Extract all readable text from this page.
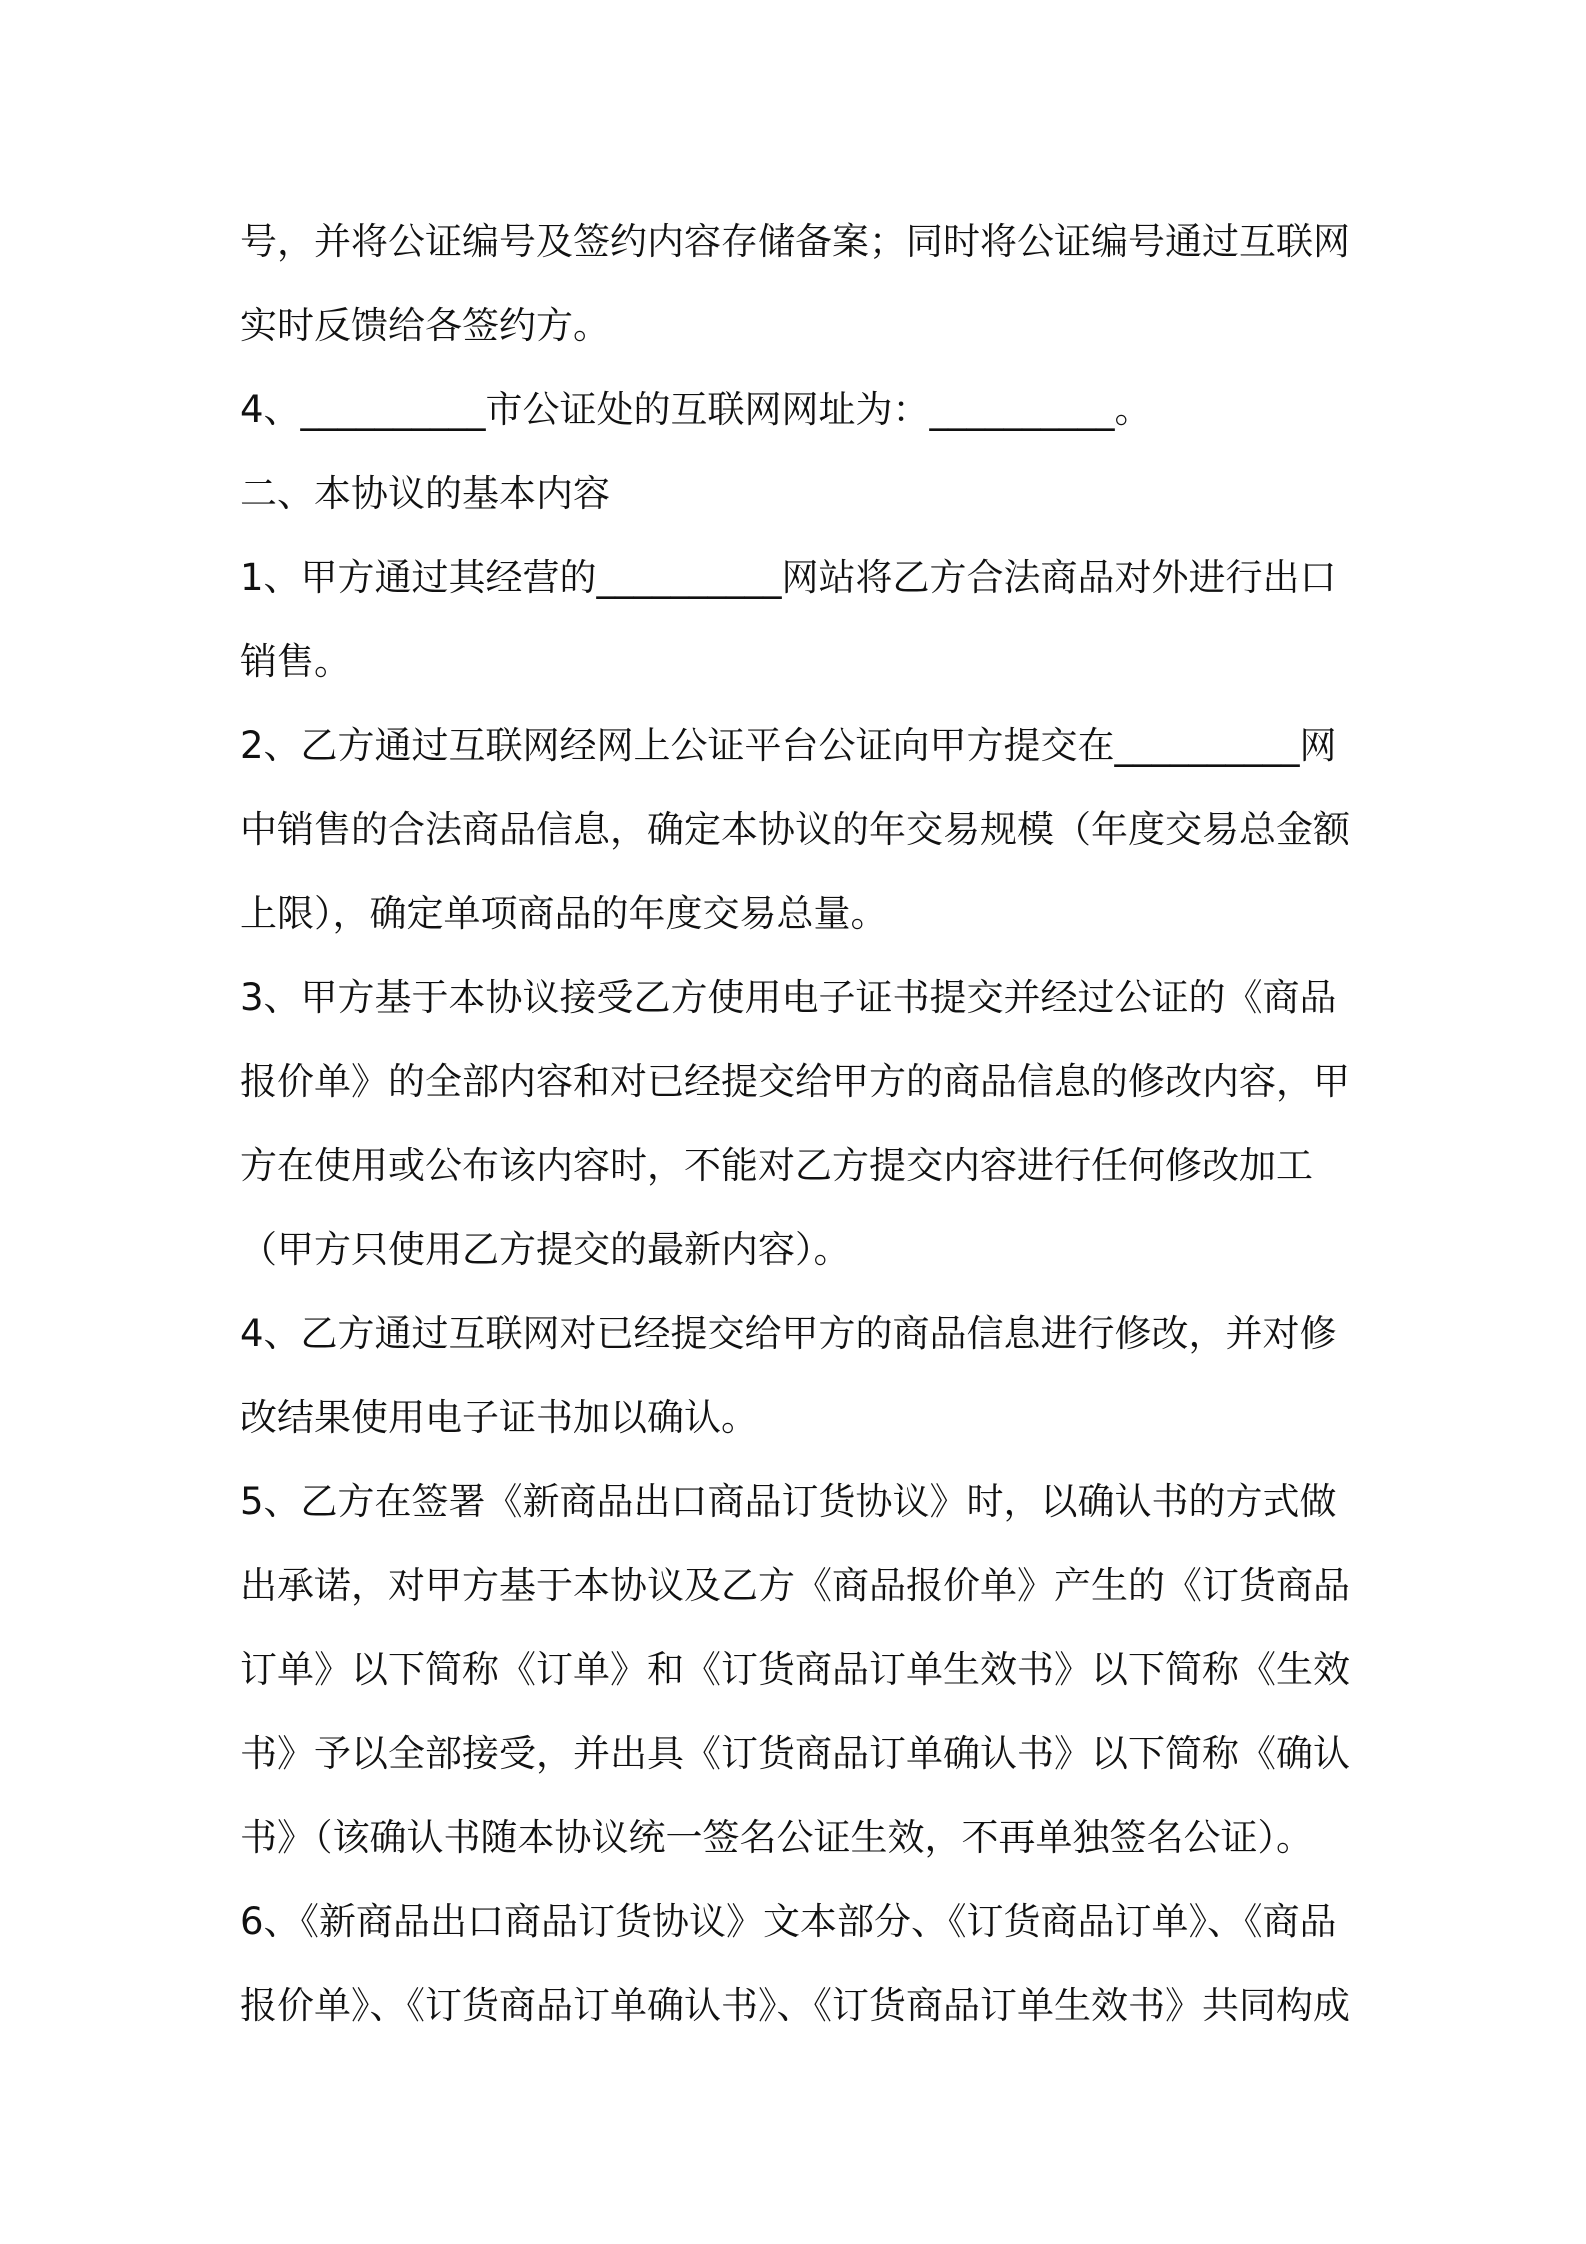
号，并将公证编号及签约内容存储备案；同时将公证编号通过互联网
实时反馈给各签约方。
4、__________市公证处的互联网网址为：__________。
二、本协议的基本内容
1、甲方通过其经营的__________网站将乙方合法商品对外进行出口
销售。
2、乙方通过互联网经网上公证平台公证向甲方提交在__________网
中销售的合法商品信息，确定本协议的年交易规模（年度交易总金额
上限），确定单项商品的年度交易总量。
3、甲方基于本协议接受乙方使用电子证书提交并经过公证的《商品
报价单》的全部内容和对已经提交给甲方的商品信息的修改内容，甲
方在使用或公布该内容时，不能对乙方提交内容进行任何修改加工
（甲方只使用乙方提交的最新内容）。
4、乙方通过互联网对已经提交给甲方的商品信息进行修改，并对修
改结果使用电子证书加以确认。
5、乙方在签署《新商品出口商品订货协议》时，以确认书的方式做
出承诺，对甲方基于本协议及乙方《商品报价单》产生的《订货商品
订单》以下简称《订单》和《订货商品订单生效书》以下简称《生效
书》予以全部接受，并出具《订货商品订单确认书》以下简称《确认
书》（该确认书随本协议统一签名公证生效，不再单独签名公证）。
6、《新商品出口商品订货协议》文本部分、《订货商品订单》、《商品
报价单》、《订货商品订单确认书》、《订货商品订单生效书》共同构成
